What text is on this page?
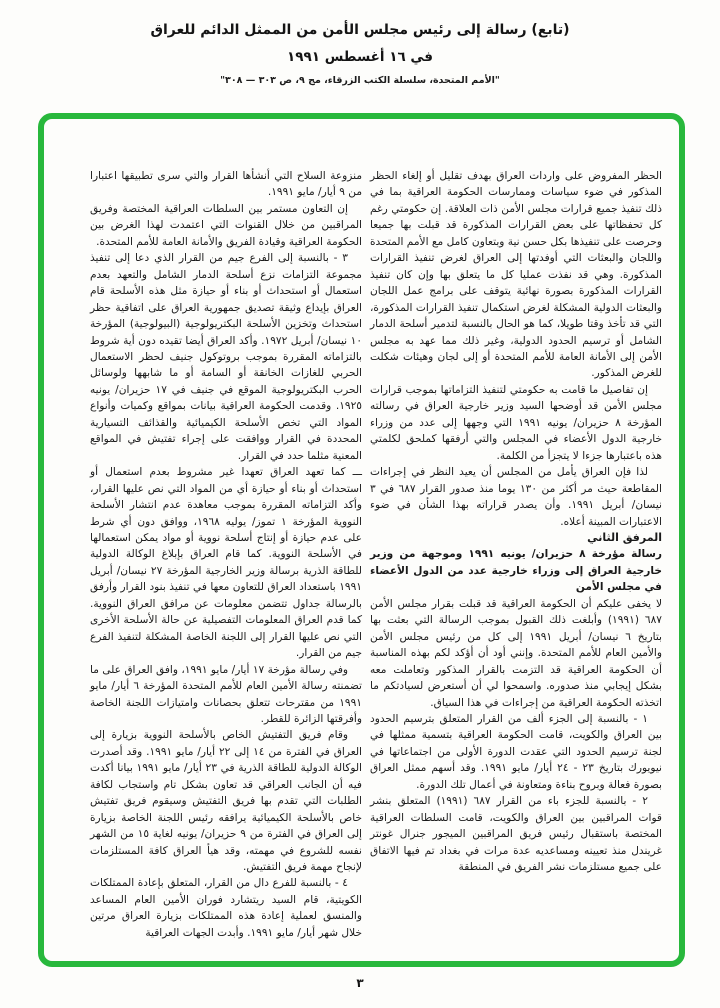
(تابع) رسالة إلى رئيس مجلس الأمن من الممثل الدائم للعراق
في ١٦ أغسطس ١٩٩١
"الأمم المتحدة، سلسلة الكتب الزرقاء، مج ٩، ص ٣٠٣ — ٣٠٨"

الحظر المفروض على واردات العراق بهدف تقليل أو إلغاء الحظر المذكور في ضوء سياسات وممارسات الحكومة العراقية بما في ذلك تنفيذ جميع قرارات مجلس الأمن ذات العلاقة. إن حكومتي رغم كل تحفظاتها على بعض القرارات المذكورة قد قبلت بها جميعا وحرصت على تنفيذها بكل حسن نية وبتعاون كامل مع الأمم المتحدة واللجان والبعثات التي أوفدتها إلى العراق لغرض تنفيذ القرارات المذكورة. وهي قد نفذت عمليا كل ما يتعلق بها وإن كان تنفيذ القرارات المذكورة بصورة نهائية يتوقف على برامج عمل اللجان والبعثات الدولية المشكلة لغرض استكمال تنفيذ القرارات المذكورة، التي قد تأخذ وقتا طويلا، كما هو الحال بالنسبة لتدمير أسلحة الدمار الشامل أو ترسيم الحدود الدولية، وغير ذلك مما عهد به مجلس الأمن إلى الأمانة العامة للأمم المتحدة أو إلى لجان وهيئات شكلت للغرض المذكور.

إن تفاصيل ما قامت به حكومتي لتنفيذ التزاماتها بموجب قرارات مجلس الأمن قد أوضحها السيد وزير خارجية العراق في رسالته المؤرخة ٨ حزيران/ يونيه ١٩٩١ التي وجهها إلى عدد من وزراء خارجية الدول الأعضاء في المجلس والتي أرفقها كملحق لكلمتي هذه باعتبارها جزءا لا يتجزأ من الكلمة.

لذا فإن العراق يأمل من المجلس أن يعيد النظر في إجراءات المقاطعة حيث مر أكثر من ١٣٠ يوما منذ صدور القرار ٦٨٧ في ٣ نيسان/ أبريل ١٩٩١. وأن يصدر قراراته بهذا الشأن في ضوء الاعتبارات المبينة أعلاه.

المرفق الثاني

رسالة مؤرخة ٨ حزيران/ يونيه ١٩٩١ وموجهة من وزير خارجية العراق إلى وزراء خارجية عدد من الدول الأعضاء في مجلس الأمن

لا يخفى عليكم أن الحكومة العراقية قد قبلت بقرار مجلس الأمن ٦٨٧ (١٩٩١) وأبلغت ذلك القبول بموجب الرسالة التي بعثت بها بتاريخ ٦ نيسان/ أبريل ١٩٩١ إلى كل من رئيس مجلس الأمن والأمين العام للأمم المتحدة. وإنني أود أن أؤكد لكم بهذه المناسبة أن الحكومة العراقية قد التزمت بالقرار المذكور وتعاملت معه بشكل إيجابي منذ صدوره. واسمحوا لي أن أستعرض لسيادتكم ما اتخذته الحكومة العراقية من إجراءات في هذا السياق.

١ - بالنسبة إلى الجزء ألف من القرار المتعلق بترسيم الحدود بين العراق والكويت، قامت الحكومة العراقية بتسمية ممثلها في لجنة ترسيم الحدود التي عقدت الدورة الأولى من اجتماعاتها في نيويورك بتاريخ ٢٣ - ٢٤ أيار/ مايو ١٩٩١. وقد أسهم ممثل العراق بصورة فعالة وبروح بناءة ومتعاونة في أعمال تلك الدورة.

٢ - بالنسبة للجزء باء من القرار ٦٨٧ (١٩٩١) المتعلق بنشر قوات المراقبين بين العراق والكويت، قامت السلطات العراقية المختصة باستقبال رئيس فريق المراقبين الميجور جنرال غونتر غريندل منذ تعيينه ومساعديه عدة مرات في بغداد تم فيها الاتفاق على جميع مستلزمات نشر الفريق في المنطقة

منزوعة السلاح التي أنشأها القرار والتي سرى تطبيقها اعتبارا من ٩ أيار/ مايو ١٩٩١.

إن التعاون مستمر بين السلطات العراقية المختصة وفريق المراقبين من خلال القنوات التي اعتمدت لهذا الغرض بين الحكومة العراقية وقيادة الفريق والأمانة العامة للأمم المتحدة.

٣ - بالنسبة إلى الفرع جيم من القرار الذي دعا إلى تنفيذ مجموعة التزامات نزع أسلحة الدمار الشامل والتعهد بعدم استعمال أو استحداث أو بناء أو حيازة مثل هذه الأسلحة قام العراق بإيداع وثيقة تصديق جمهورية العراق على اتفاقية حظر استحداث وتخزين الأسلحة البكتريولوجية (البيولوجية) المؤرخة ١٠ نيسان/ أبريل ١٩٧٢. وأكد العراق أيضا تقيده دون أية شروط بالتزاماته المقررة بموجب بروتوكول جنيف لحظر الاستعمال الحربي للغازات الخانقة أو السامة أو ما شابهها ولوسائل الحرب البكتريولوجية الموقع في جنيف في ١٧ حزيران/ يونيه ١٩٢٥. وقدمت الحكومة العراقية بيانات بمواقع وكميات وأنواع المواد التي تخص الأسلحة الكيميائية والقذائف التسيارية المحددة في القرار ووافقت على إجراء تفتيش في المواقع المعنية مثلما حدد في القرار.

ـــ كما تعهد العراق تعهدا غير مشروط بعدم استعمال أو استحداث أو بناء أو حيازة أي من المواد التي نص عليها القرار، وأكد التزاماته المقررة بموجب معاهدة عدم انتشار الأسلحة النووية المؤرخة ١ تموز/ يوليه ١٩٦٨، ووافق دون أي شرط على عدم حيازة أو إنتاج أسلحة نووية أو مواد يمكن استعمالها في الأسلحة النووية. كما قام العراق بإبلاغ الوكالة الدولية للطاقة الذرية برسالة وزير الخارجية المؤرخة ٢٧ نيسان/ أبريل ١٩٩١ باستعداد العراق للتعاون معها في تنفيذ بنود القرار وأرفق بالرسالة جداول تتضمن معلومات عن مرافق العراق النووية. كما قدم العراق المعلومات التفصيلية عن حالة الأسلحة الأخرى التي نص عليها القرار إلى اللجنة الخاصة المشكلة لتنفيذ الفرع جيم من القرار.

وفي رسالة مؤرخة ١٧ أيار/ مايو ١٩٩١، وافق العراق على ما تضمنته رسالة الأمين العام للأمم المتحدة المؤرخة ٦ أيار/ مايو ١٩٩١ من مقترحات تتعلق بحصانات وامتيازات اللجنة الخاصة وأفرقتها الزائرة للقطر.

وقام فريق التفتيش الخاص بالأسلحة النووية بزيارة إلى العراق في الفترة من ١٤ إلى ٢٢ أيار/ مايو ١٩٩١. وقد أصدرت الوكالة الدولية للطاقة الذرية في ٢٣ أيار/ مايو ١٩٩١ بيانا أكدت فيه أن الجانب العراقي قد تعاون بشكل تام واستجاب لكافة الطلبات التي تقدم بها فريق التفتيش وسيقوم فريق تفتيش خاص بالأسلحة الكيميائية يرافقه رئيس اللجنة الخاصة بزيارة إلى العراق في الفترة من ٩ حزيران/ يونيه لغاية ١٥ من الشهر نفسه للشروع في مهمته، وقد هيأ العراق كافة المستلزمات لإنجاح مهمة فريق التفتيش.

٤ - بالنسبة للفرع دال من القرار، المتعلق بإعادة الممتلكات الكويتية، قام السيد ريتشارد فوران الأمين العام المساعد والمنسق لعملية إعادة هذه الممتلكات بزيارة العراق مرتين خلال شهر أيار/ مايو ١٩٩١. وأبدت الجهات العراقية

٣
